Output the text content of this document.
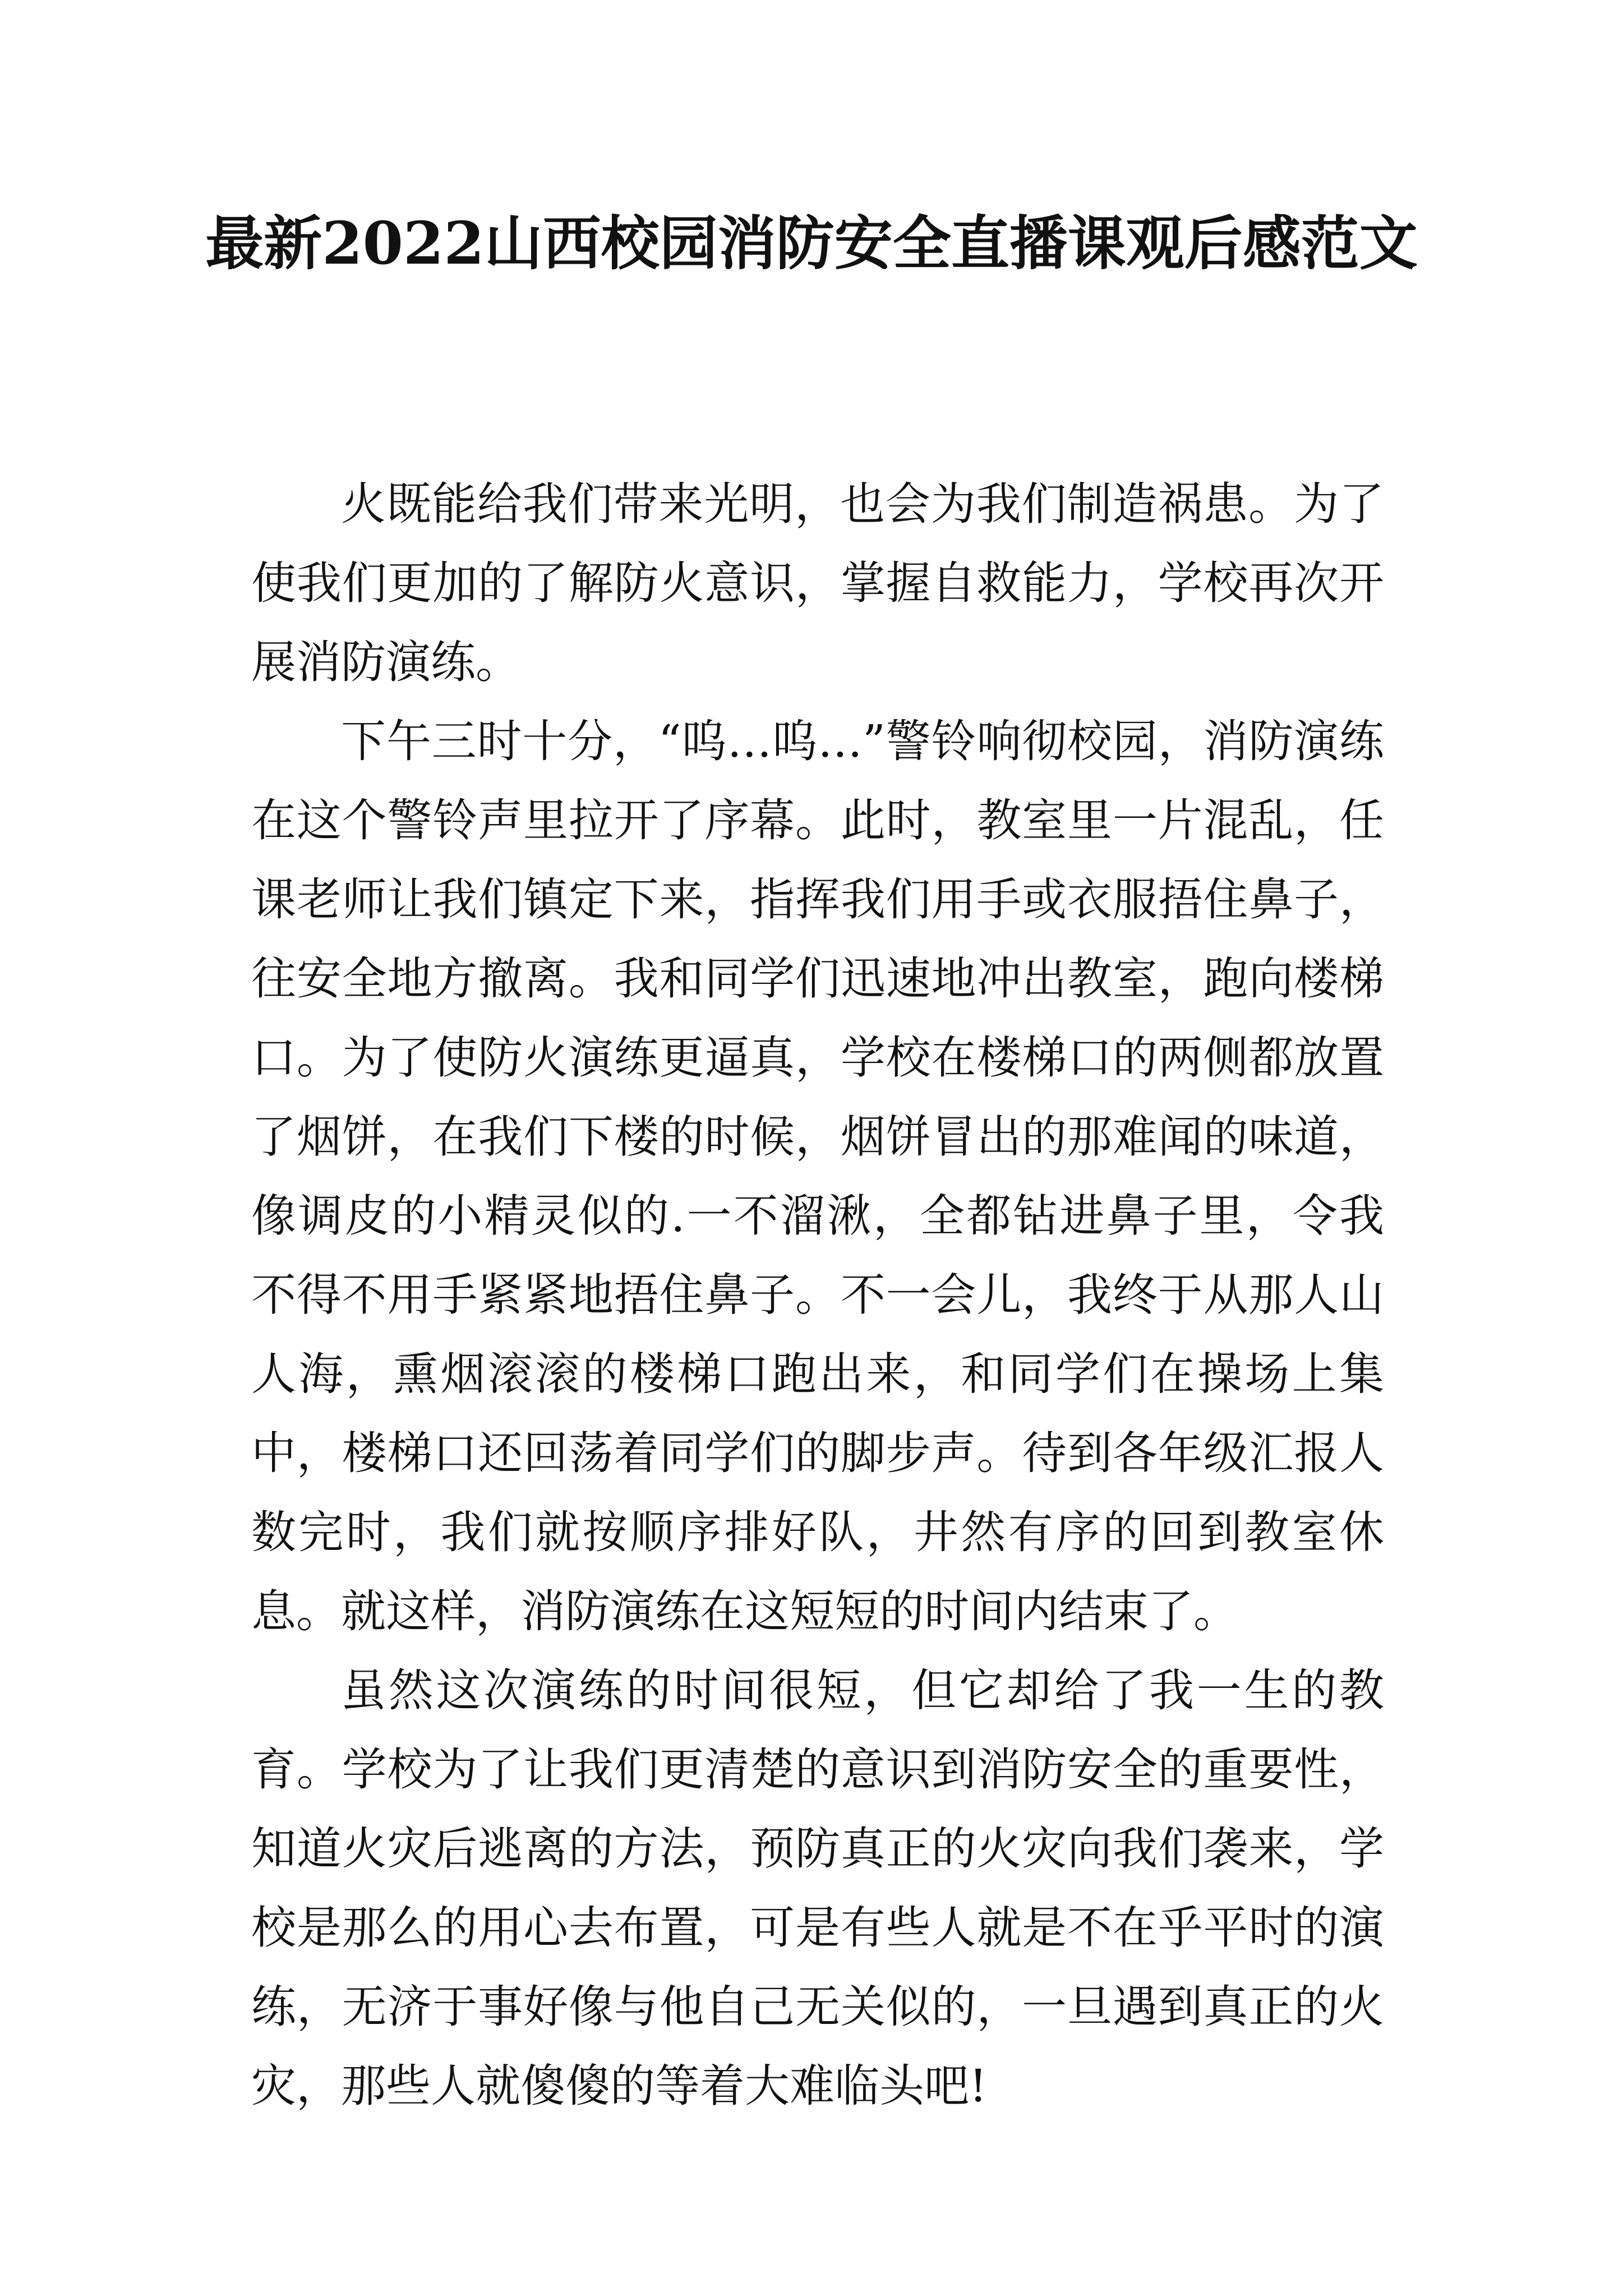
最新2022山西校园消防安全直播课观后感范文

火既能给我们带来光明，也会为我们制造祸患。为了使我们更加的了解防火意识，掌握自救能力，学校再次开展消防演练。

下午三时十分，“呜…呜…”警铃响彻校园，消防演练在这个警铃声里拉开了序幕。此时，教室里一片混乱，任课老师让我们镇定下来，指挥我们用手或衣服捂住鼻子，往安全地方撤离。我和同学们迅速地冲出教室，跑向楼梯口。为了使防火演练更逼真，学校在楼梯口的两侧都放置了烟饼，在我们下楼的时候，烟饼冒出的那难闻的味道，像调皮的小精灵似的.一不溜湫，全都钻进鼻子里，令我不得不用手紧紧地捂住鼻子。不一会儿，我终于从那人山人海，熏烟滚滚的楼梯口跑出来，和同学们在操场上集中，楼梯口还回荡着同学们的脚步声。待到各年级汇报人数完时，我们就按顺序排好队，井然有序的回到教室休息。就这样，消防演练在这短短的时间内结束了。

虽然这次演练的时间很短，但它却给了我一生的教育。学校为了让我们更清楚的意识到消防安全的重要性，知道火灾后逃离的方法，预防真正的火灾向我们袭来，学校是那么的用心去布置，可是有些人就是不在乎平时的演练，无济于事好像与他自己无关似的，一旦遇到真正的火灾，那些人就傻傻的等着大难临头吧!
